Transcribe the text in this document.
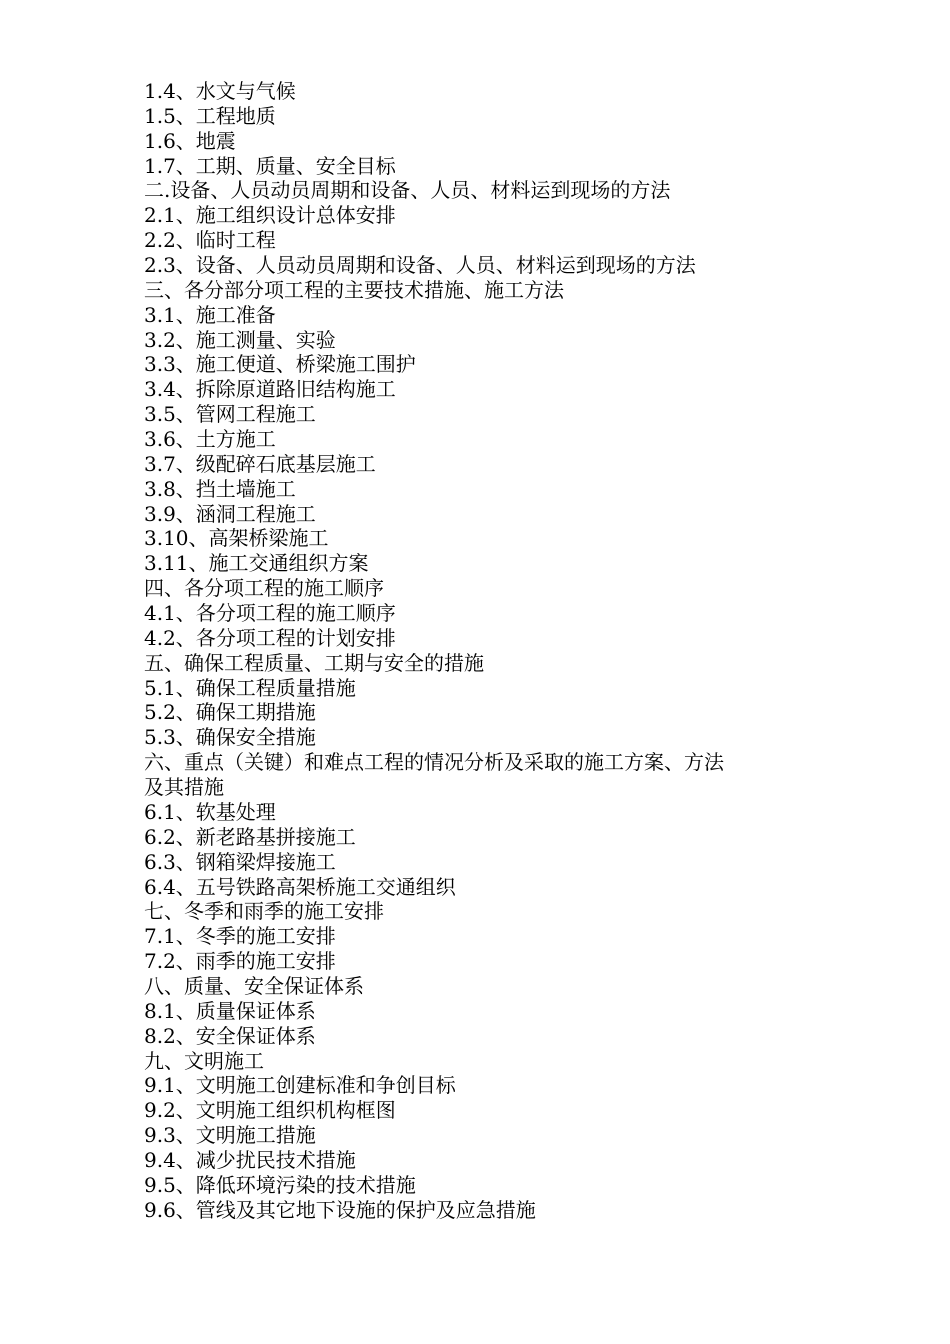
1.4、水文与气候
1.5、工程地质
1.6、地震
1.7、工期、质量、安全目标
二.设备、人员动员周期和设备、人员、材料运到现场的方法
2.1、施工组织设计总体安排
2.2、临时工程
2.3、设备、人员动员周期和设备、人员、材料运到现场的方法
三、各分部分项工程的主要技术措施、施工方法
3.1、施工准备
3.2、施工测量、实验
3.3、施工便道、桥梁施工围护
3.4、拆除原道路旧结构施工
3.5、管网工程施工
3.6、土方施工
3.7、级配碎石底基层施工
3.8、挡土墙施工
3.9、涵洞工程施工
3.10、高架桥梁施工
3.11、施工交通组织方案
四、各分项工程的施工顺序
4.1、各分项工程的施工顺序
4.2、各分项工程的计划安排
五、确保工程质量、工期与安全的措施
5.1、确保工程质量措施
5.2、确保工期措施
5.3、确保安全措施
六、重点（关键）和难点工程的情况分析及采取的施工方案、方法
及其措施
6.1、软基处理
6.2、新老路基拼接施工
6.3、钢箱梁焊接施工
6.4、五号铁路高架桥施工交通组织
七、冬季和雨季的施工安排
7.1、冬季的施工安排
7.2、雨季的施工安排
八、质量、安全保证体系
8.1、质量保证体系
8.2、安全保证体系
九、文明施工
9.1、文明施工创建标准和争创目标
9.2、文明施工组织机构框图
9.3、文明施工措施
9.4、减少扰民技术措施
9.5、降低环境污染的技术措施
9.6、管线及其它地下设施的保护及应急措施
